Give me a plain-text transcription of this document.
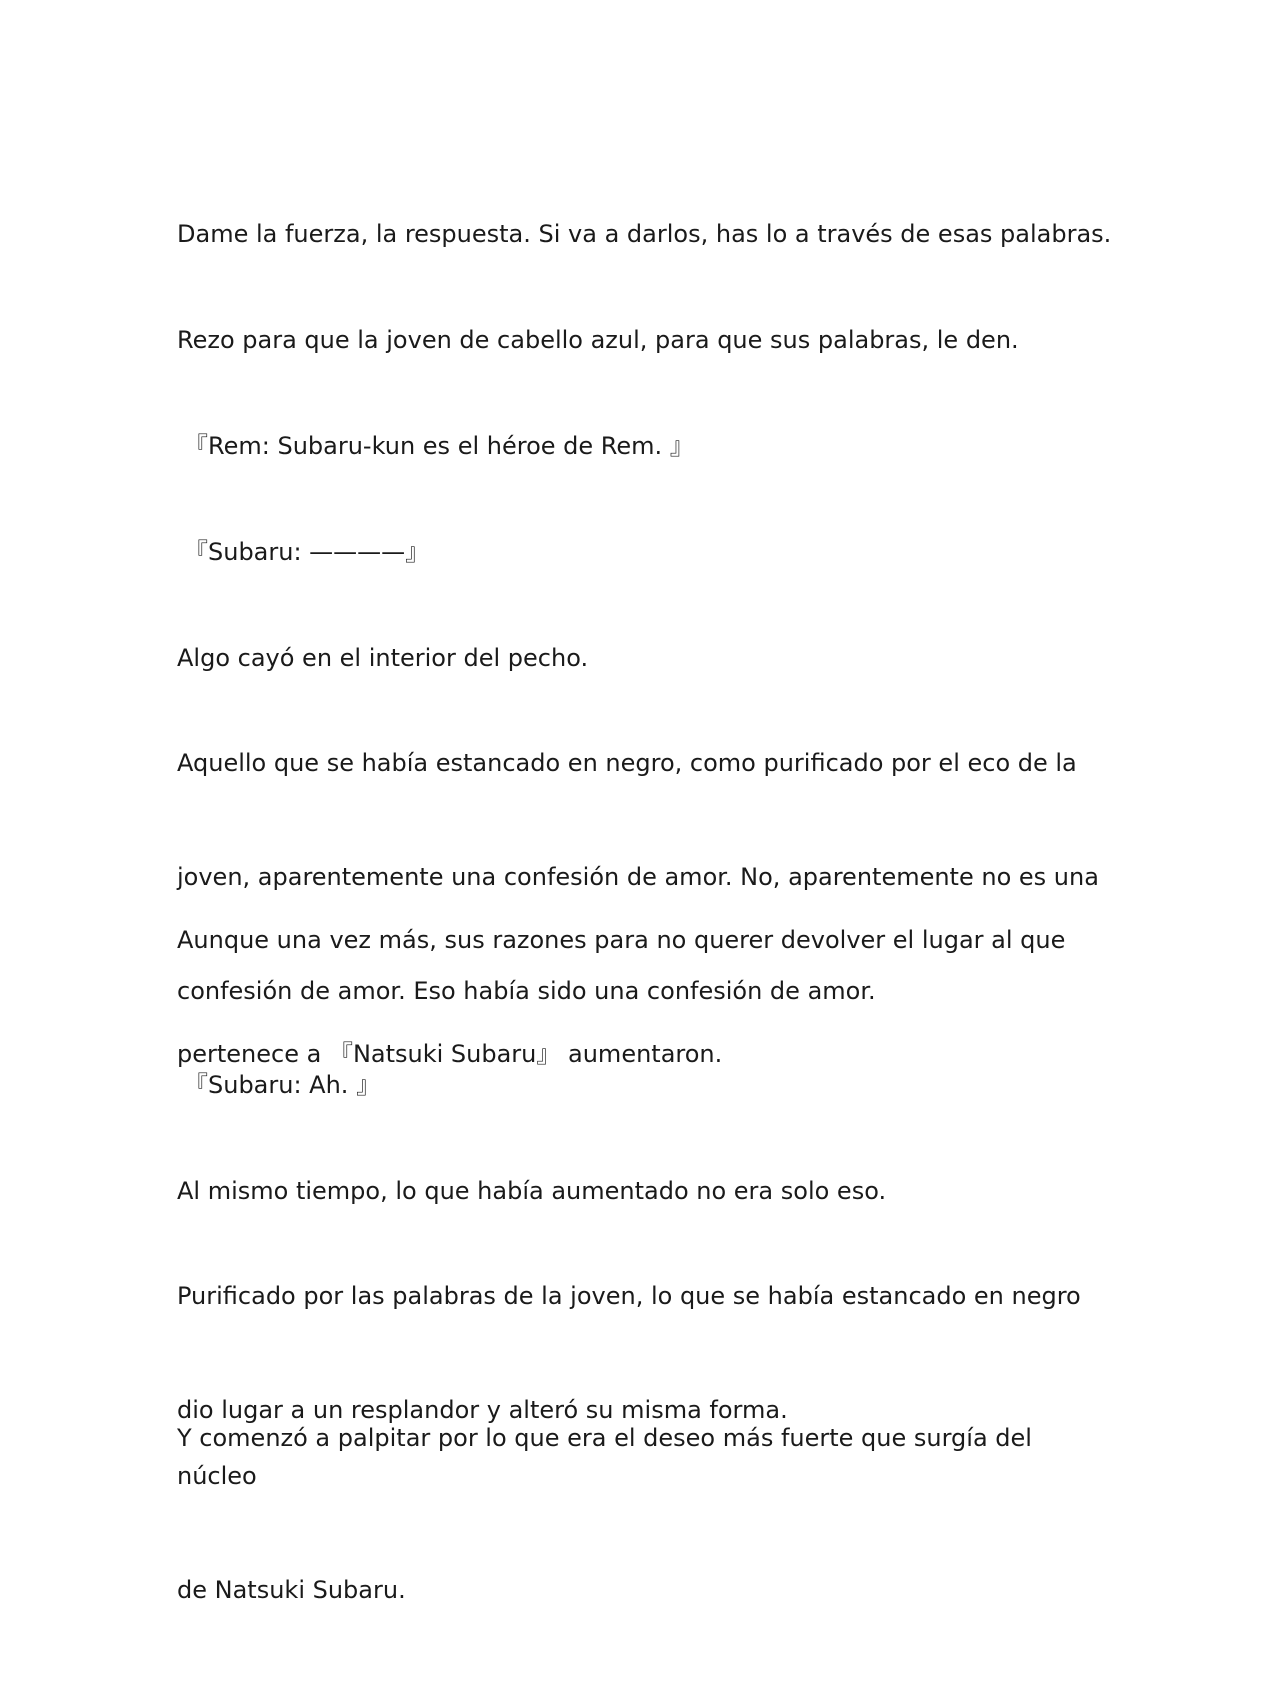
Dame la fuerza, la respuesta. Si va a darlos, has lo a través de esas palabras.

Rezo para que la joven de cabello azul, para que sus palabras, le den.

『Rem: Subaru-kun es el héroe de Rem. 』

『Subaru: ————』

Algo cayó en el interior del pecho.

Aquello que se había estancado en negro, como purificado por el eco de la

joven, aparentemente una confesión de amor. No, aparentemente no es una

confesión de amor. Eso había sido una confesión de amor.

Aunque una vez más, sus razones para no querer devolver el lugar al que

pertenece a 『Natsuki Subaru』 aumentaron.

『Subaru: Ah. 』

Al mismo tiempo, lo que había aumentado no era solo eso.

Purificado por las palabras de la joven, lo que se había estancado en negro

dio lugar a un resplandor y alteró su misma forma.

Y comenzó a palpitar por lo que era el deseo más fuerte que surgía del núcleo

de Natsuki Subaru.
